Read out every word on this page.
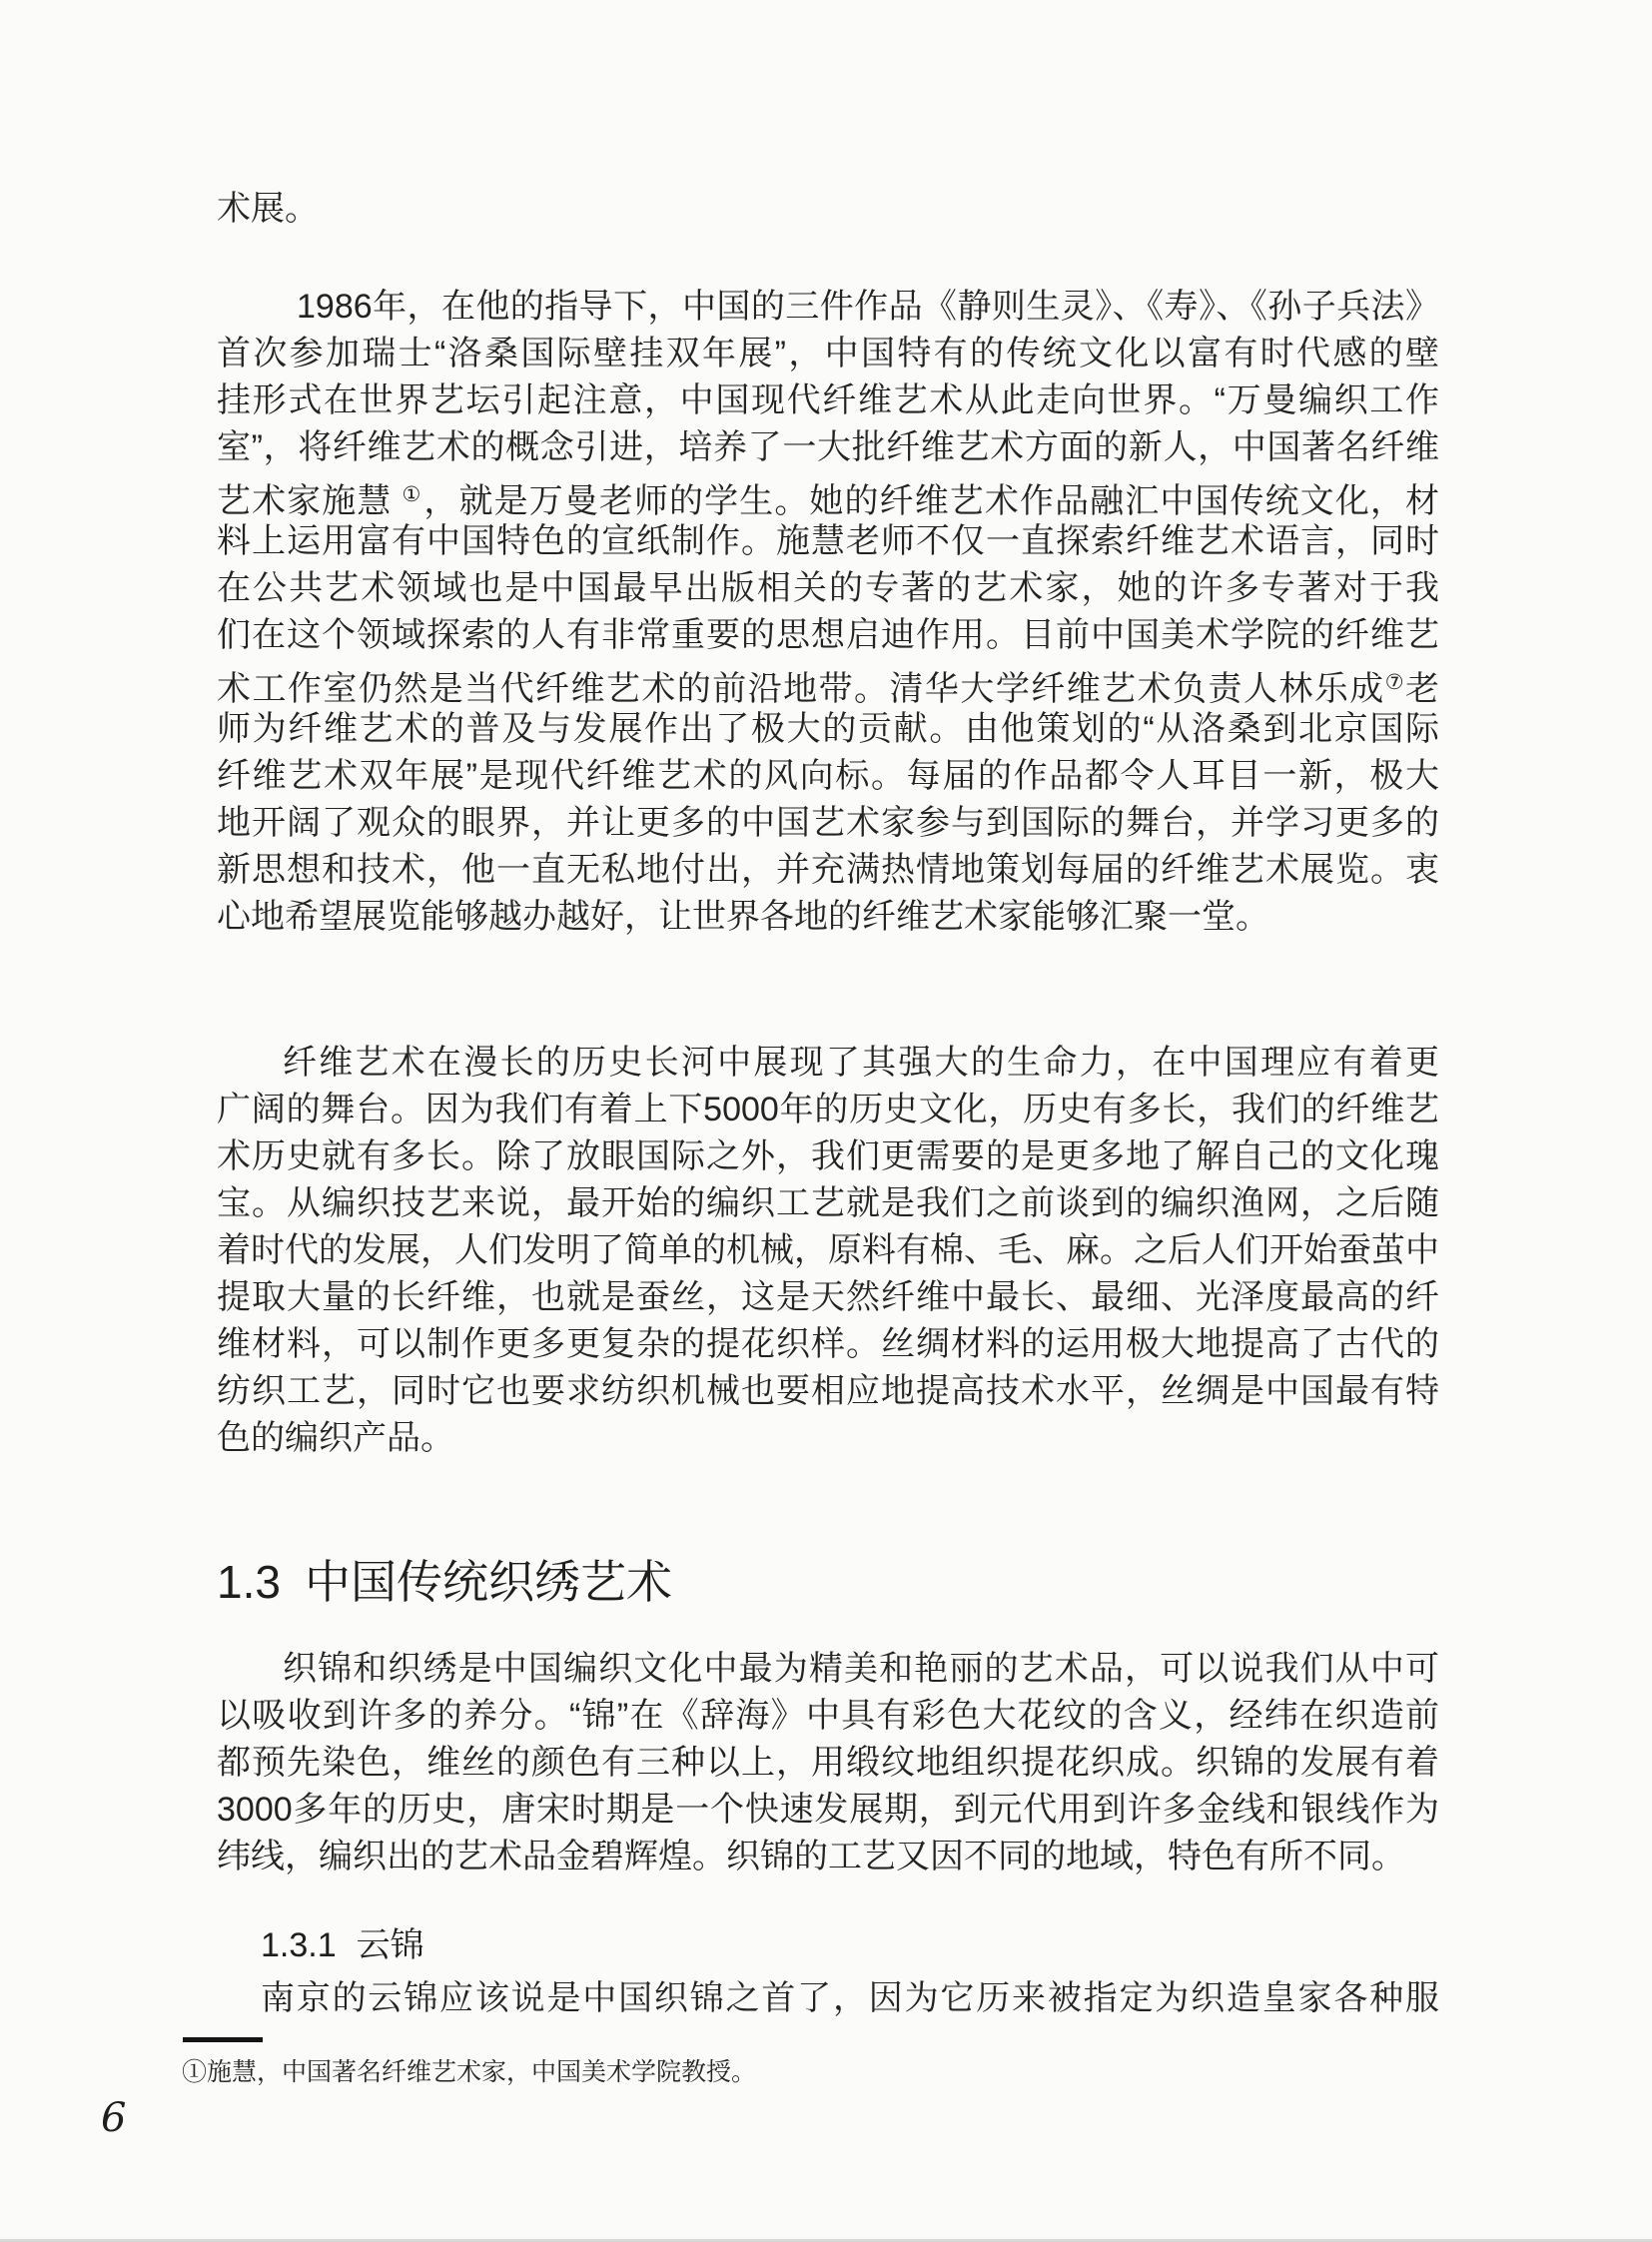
术展。
1986年，在他的指导下，中国的三件作品《静则生灵》、《寿》、《孙子兵法》
首次参加瑞士“洛桑国际壁挂双年展”，中国特有的传统文化以富有时代感的壁
挂形式在世界艺坛引起注意，中国现代纤维艺术从此走向世界。“万曼编织工作
室”，将纤维艺术的概念引进，培养了一大批纤维艺术方面的新人，中国著名纤维
艺术家施慧 ①，就是万曼老师的学生。她的纤维艺术作品融汇中国传统文化，材
料上运用富有中国特色的宣纸制作。施慧老师不仅一直探索纤维艺术语言，同时
在公共艺术领域也是中国最早出版相关的专著的艺术家，她的许多专著对于我
们在这个领域探索的人有非常重要的思想启迪作用。目前中国美术学院的纤维艺
术工作室仍然是当代纤维艺术的前沿地带。清华大学纤维艺术负责人林乐成⑦老
师为纤维艺术的普及与发展作出了极大的贡献。由他策划的“从洛桑到北京国际
纤维艺术双年展”是现代纤维艺术的风向标。每届的作品都令人耳目一新，极大
地开阔了观众的眼界，并让更多的中国艺术家参与到国际的舞台，并学习更多的
新思想和技术，他一直无私地付出，并充满热情地策划每届的纤维艺术展览。衷
心地希望展览能够越办越好，让世界各地的纤维艺术家能够汇聚一堂。
纤维艺术在漫长的历史长河中展现了其强大的生命力，在中国理应有着更
广阔的舞台。因为我们有着上下5000年的历史文化，历史有多长，我们的纤维艺
术历史就有多长。除了放眼国际之外，我们更需要的是更多地了解自己的文化瑰
宝。从编织技艺来说，最开始的编织工艺就是我们之前谈到的编织渔网，之后随
着时代的发展，人们发明了简单的机械，原料有棉、毛、麻。之后人们开始蚕茧中
提取大量的长纤维，也就是蚕丝，这是天然纤维中最长、最细、光泽度最高的纤
维材料，可以制作更多更复杂的提花织样。丝绸材料的运用极大地提高了古代的
纺织工艺，同时它也要求纺织机械也要相应地提高技术水平，丝绸是中国最有特
色的编织产品。
1.3 中国传统织绣艺术
织锦和织绣是中国编织文化中最为精美和艳丽的艺术品，可以说我们从中可
以吸收到许多的养分。“锦”在《辞海》中具有彩色大花纹的含义，经纬在织造前
都预先染色，维丝的颜色有三种以上，用缎纹地组织提花织成。织锦的发展有着
3000多年的历史，唐宋时期是一个快速发展期，到元代用到许多金线和银线作为
纬线，编织出的艺术品金碧辉煌。织锦的工艺又因不同的地域，特色有所不同。
1.3.1 云锦
南京的云锦应该说是中国织锦之首了，因为它历来被指定为织造皇家各种服
①施慧，中国著名纤维艺术家，中国美术学院教授。
6
